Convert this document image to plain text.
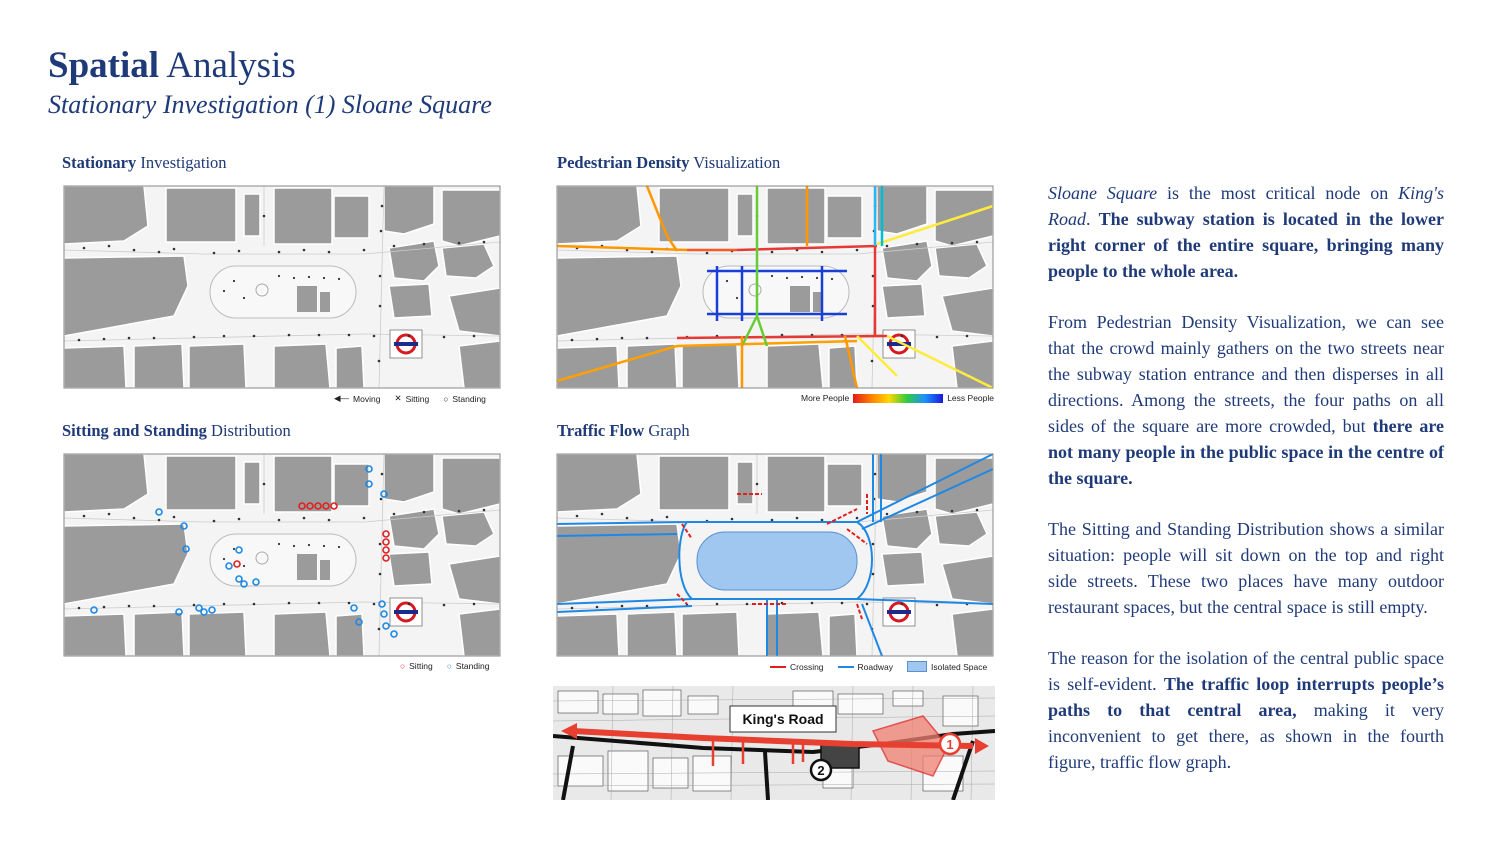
Spatial Analysis
Stationary Investigation (1) Sloane Square
Stationary Investigation
◀— Moving ✕ Sitting ○ Standing
Pedestrian Density Visualization
More People	Less People
Sitting and Standing Distribution
○ Sitting ○ Standing
Traffic Flow Graph
Crossing	Roadway	Isolated Space
King's Road
1
2

Sloane Square is the most critical node on King's Road. The subway station is located in the lower right corner of the entire square, bringing many people to the whole area.

From Pedestrian Density Visualization, we can see that the crowd mainly gathers on the two streets near the subway station entrance and then disperses in all directions. Among the streets, the four paths on all sides of the square are more crowded, but there are not many people in the public space in the centre of the square.

The Sitting and Standing Distribution shows a similar situation: people will sit down on the top and right side streets. These two places have many outdoor restaurant spaces, but the central space is still empty.

The reason for the isolation of the central public space is self-evident. The traffic loop interrupts people’s paths to that central area, making it very inconvenient to get there, as shown in the fourth figure, traffic flow graph.
